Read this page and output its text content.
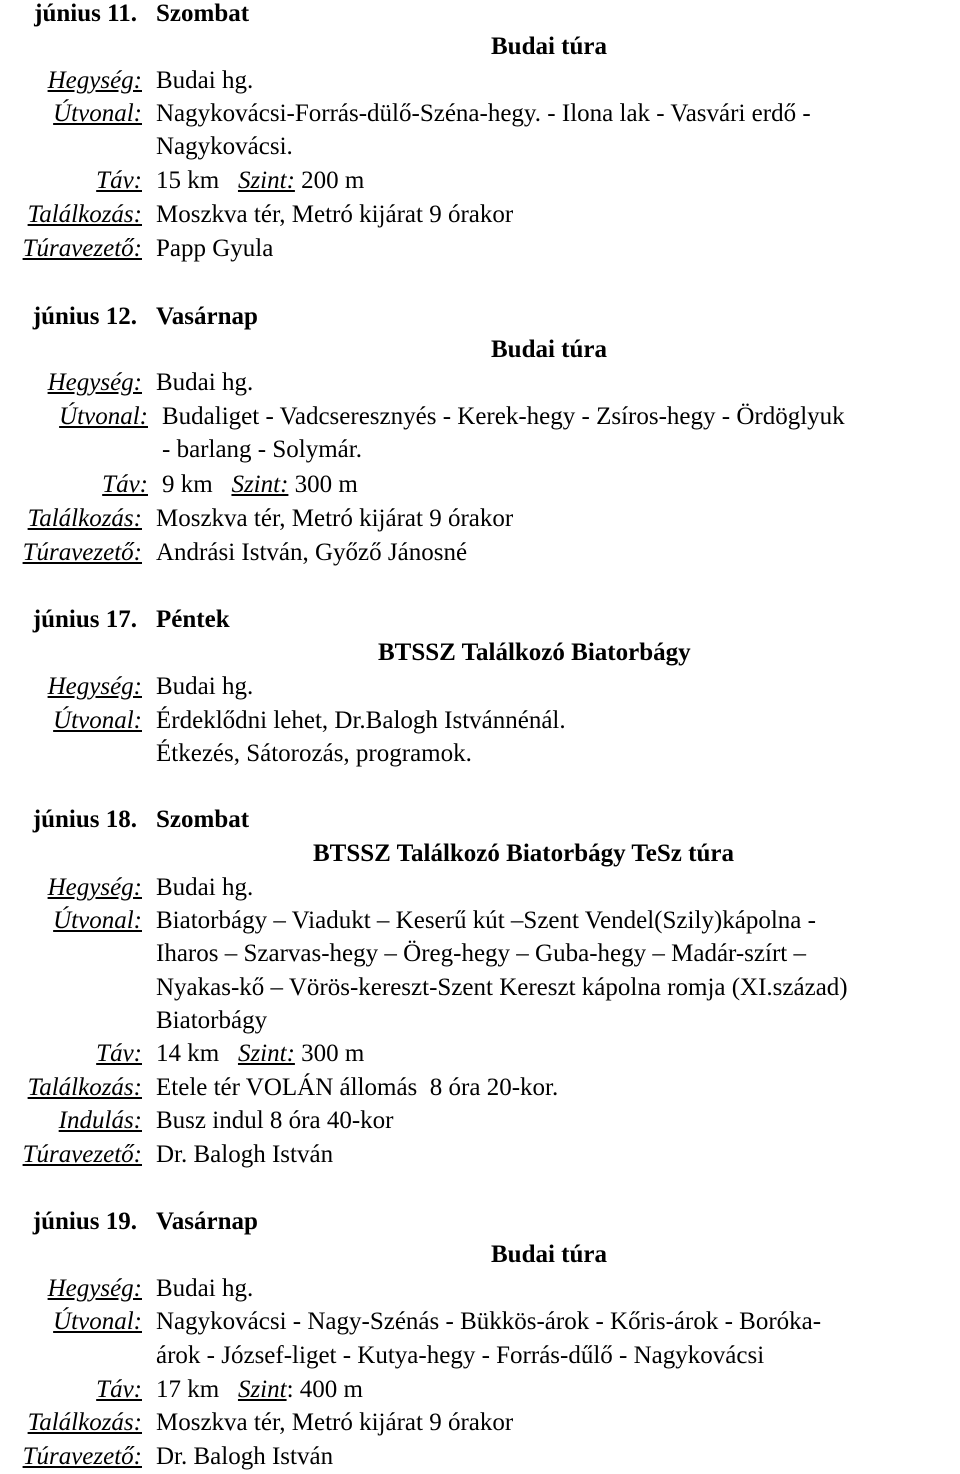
június 11. Szombat
Budai túra
Hegység: Budai hg.
Útvonal: Nagykovácsi-Forrás-dülő-Széna-hegy. - Ilona lak - Vasvári erdő -
Nagykovácsi.
Táv: 15 km Szint: 200 m
Találkozás: Moszkva tér, Metró kijárat 9 órakor
Túravezető: Papp Gyula
június 12. Vasárnap
Budai túra
Hegység: Budai hg.
Útvonal: Budaliget - Vadcseresznyés - Kerek-hegy - Zsíros-hegy - Ördöglyuk
- barlang - Solymár.
Táv: 9 km Szint: 300 m
Találkozás: Moszkva tér, Metró kijárat 9 órakor
Túravezető: Andrási István, Győző Jánosné
június 17. Péntek
BTSSZ Találkozó Biatorbágy
Hegység: Budai hg.
Útvonal: Érdeklődni lehet, Dr.Balogh Istvánnénál.
Étkezés, Sátorozás, programok.
június 18. Szombat
BTSSZ Találkozó Biatorbágy TeSz túra
Hegység: Budai hg.
Útvonal: Biatorbágy – Viadukt – Keserű kút –Szent Vendel(Szily)kápolna -
Iharos – Szarvas-hegy – Öreg-hegy – Guba-hegy – Madár-szírt –
Nyakas-kő – Vörös-kereszt-Szent Kereszt kápolna romja (XI.század)
Biatorbágy
Táv: 14 km Szint: 300 m
Találkozás: Etele tér VOLÁN állomás  8 óra 20-kor.
Indulás: Busz indul 8 óra 40-kor
Túravezető: Dr. Balogh István
június 19. Vasárnap
Budai túra
Hegység: Budai hg.
Útvonal: Nagykovácsi - Nagy-Szénás - Bükkös-árok - Kőris-árok - Boróka-
árok - József-liget - Kutya-hegy - Forrás-dűlő - Nagykovácsi
Táv: 17 km Szint: 400 m
Találkozás: Moszkva tér, Metró kijárat 9 órakor
Túravezető: Dr. Balogh István
